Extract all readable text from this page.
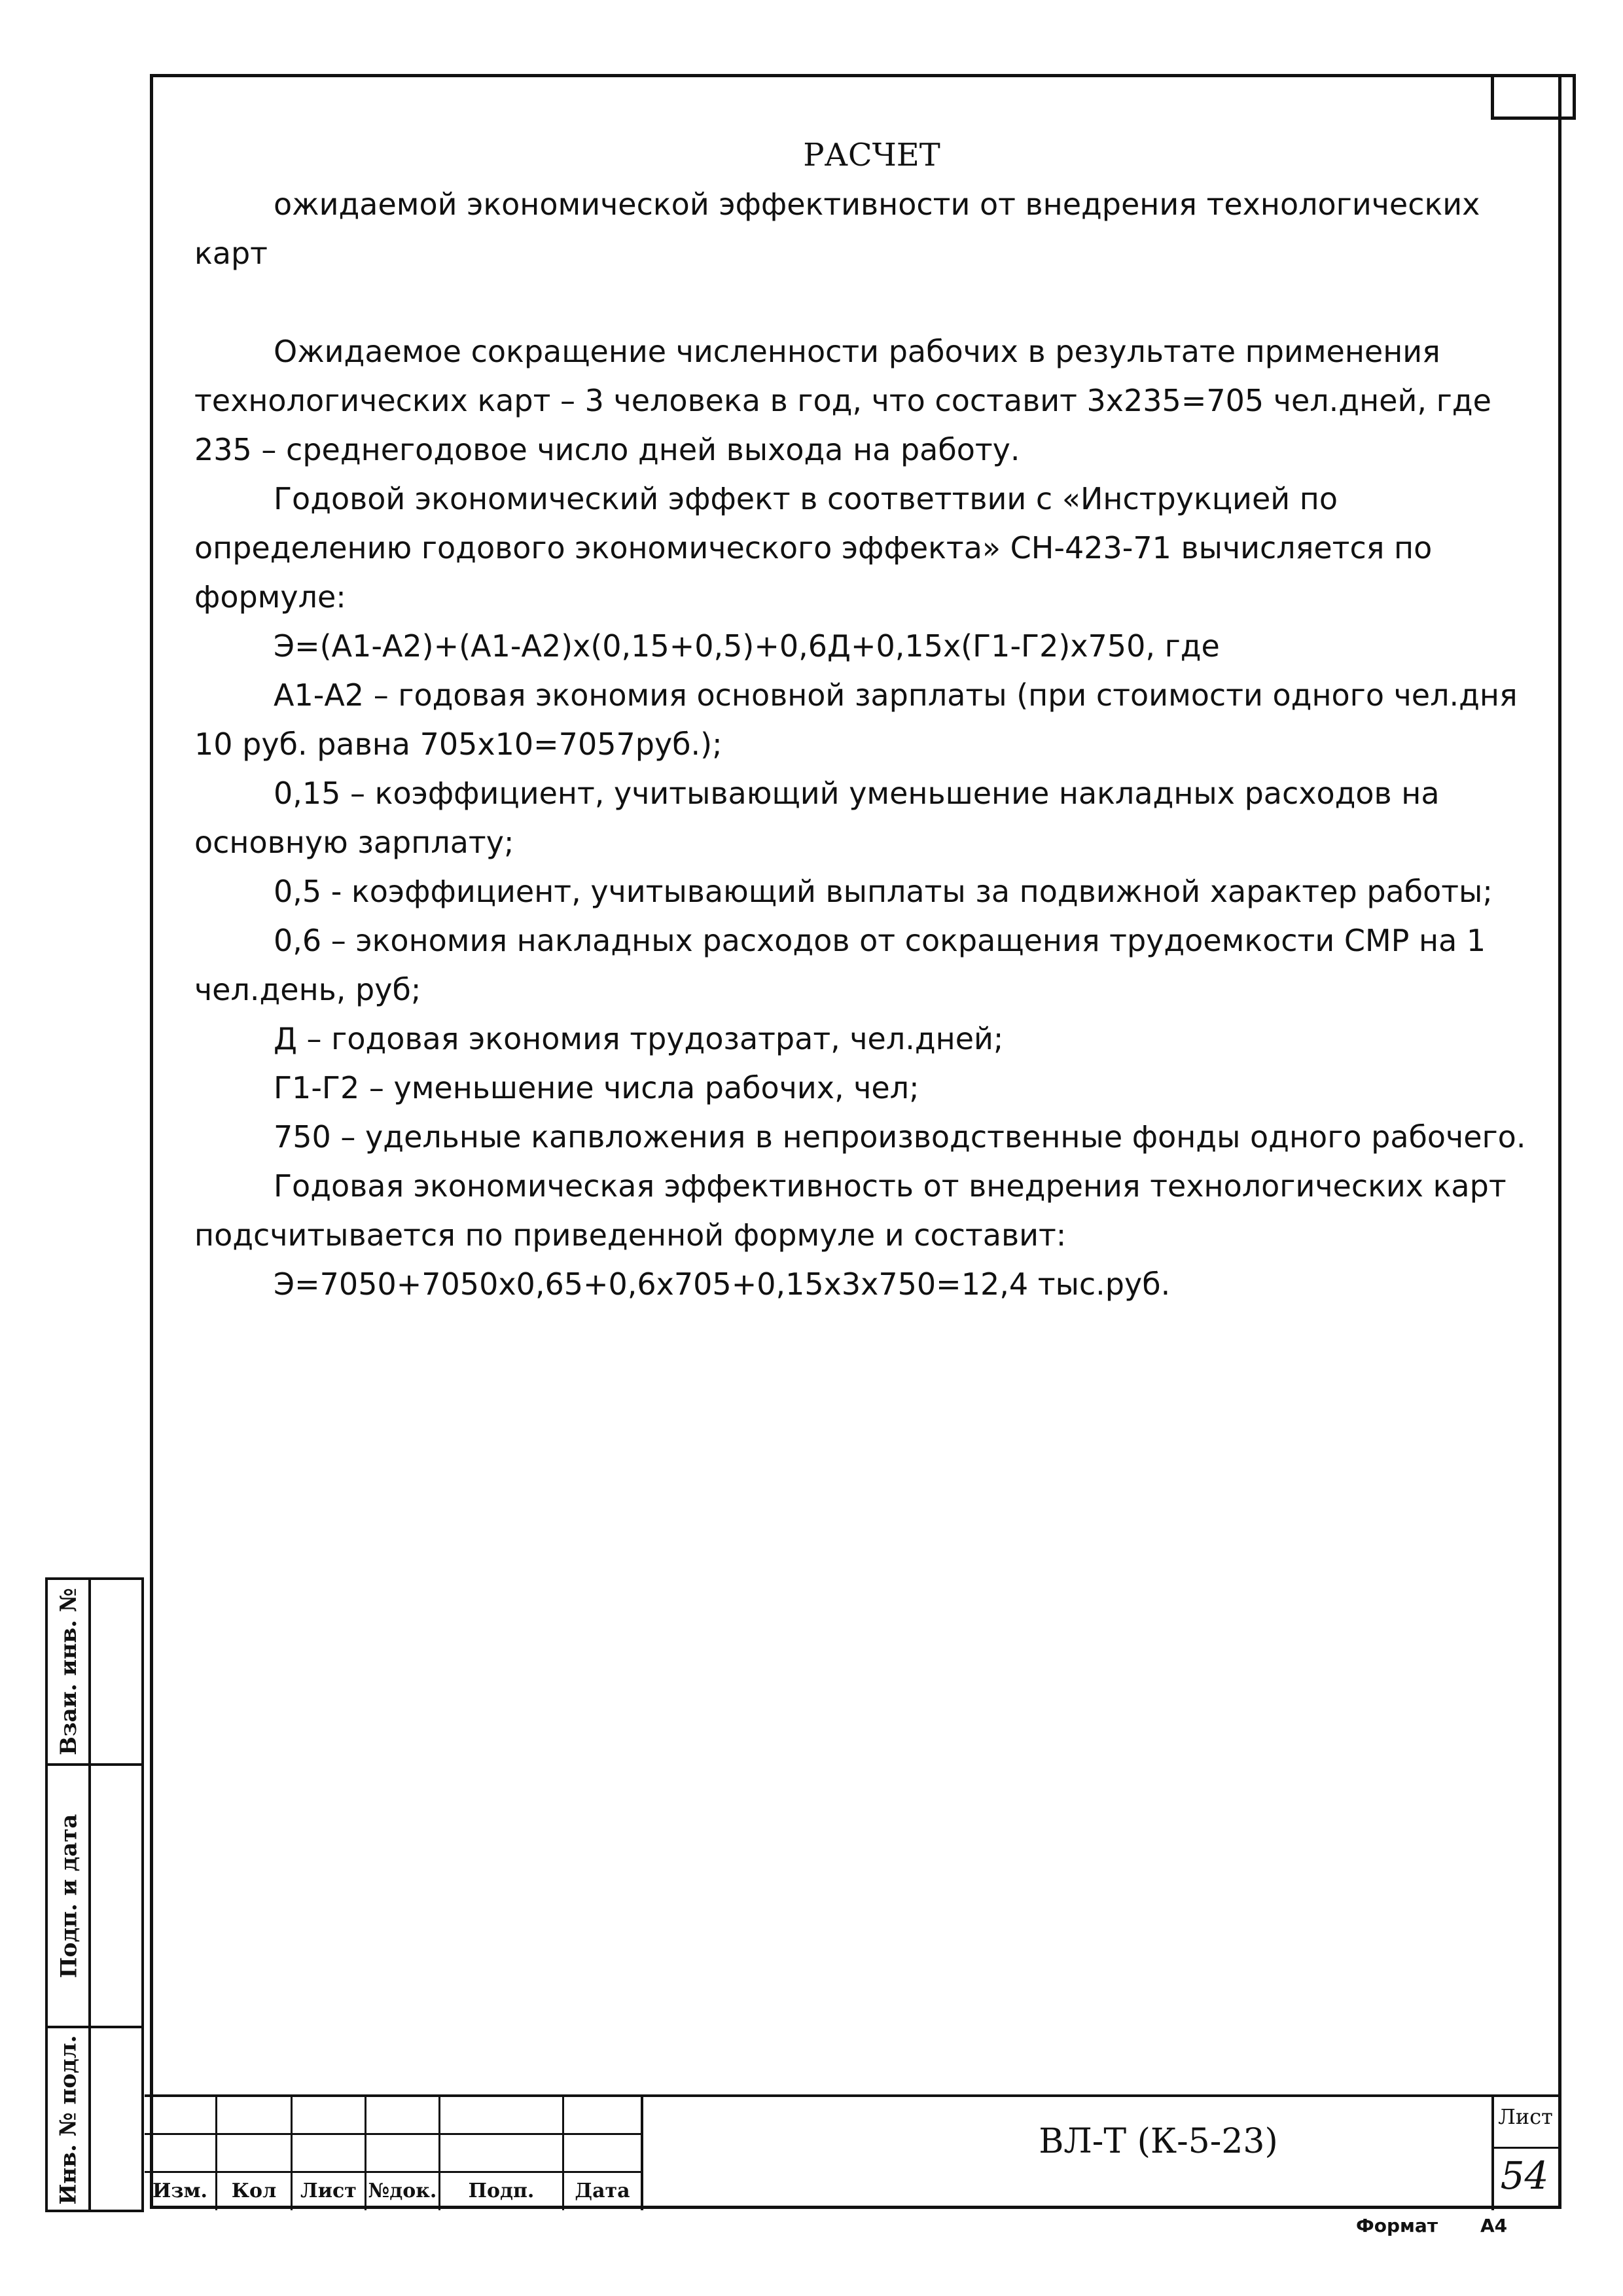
РАСЧЕТ

ожидаемой экономической эффективности от внедрения технологических карт

Ожидаемое сокращение численности рабочих в результате применения технологических карт – 3 человека в год, что составит 3х235=705 чел.дней, где 235 – среднегодовое число дней выхода на работу.

Годовой экономический эффект в соответтвии с «Инструкцией по определению годового экономического эффекта» СН-423-71 вычисляется по формуле:

Э=(А1-А2)+(А1-А2)х(0,15+0,5)+0,6Д+0,15х(Г1-Г2)х750, где

А1-А2 – годовая экономия основной зарплаты (при стоимости одного чел.дня 10 руб. равна 705х10=7057руб.);

0,15 – коэффициент, учитывающий уменьшение накладных расходов на основную зарплату;

0,5 - коэффициент, учитывающий выплаты за подвижной характер работы;

0,6 – экономия накладных расходов от сокращения трудоемкости СМР на 1 чел.день, руб;

Д – годовая экономия трудозатрат, чел.дней;

Г1-Г2 – уменьшение числа рабочих, чел;

750 – удельные капвложения в непроизводственные фонды одного рабочего.

Годовая экономическая эффективность от внедрения технологических карт подсчитывается по приведенной формуле и составит:

Э=7050+7050х0,65+0,6х705+0,15х3х750=12,4 тыс.руб.

Взаи. инв. №
Подп. и дата
Инв. № подл.	Изм.	Кол	Лист №док.	Подп.	Дата
ВЛ-Т (К-5-23)
Лист
54
Формат А4
